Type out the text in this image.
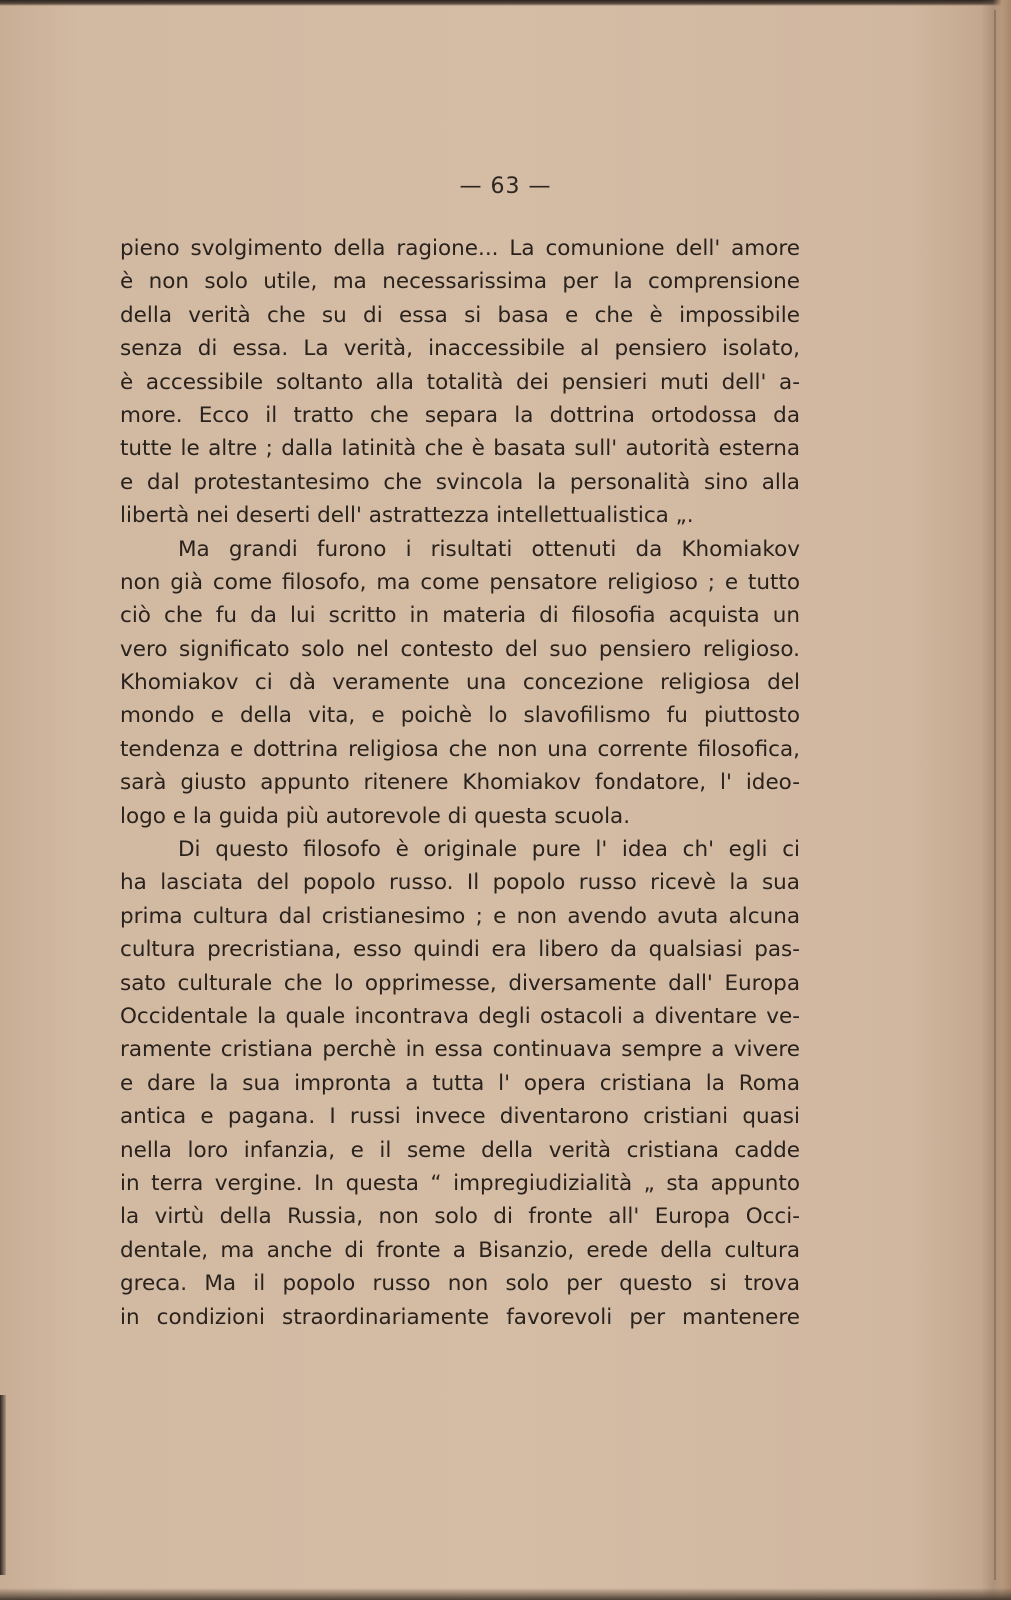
— 63 —
pieno svolgimento della ragione... La comunione dell' amore
è non solo utile, ma necessarissima per la comprensione
della verità che su di essa si basa e che è impossibile
senza di essa. La verità, inaccessibile al pensiero isolato,
è accessibile soltanto alla totalità dei pensieri muti dell' a-
more. Ecco il tratto che separa la dottrina ortodossa da
tutte le altre ; dalla latinità che è basata sull' autorità esterna
e dal protestantesimo che svincola la personalità sino alla
libertà nei deserti dell' astrattezza intellettualistica „.
Ma grandi furono i risultati ottenuti da Khomiakov
non già come filosofo, ma come pensatore religioso ; e tutto
ciò che fu da lui scritto in materia di filosofia acquista un
vero significato solo nel contesto del suo pensiero religioso.
Khomiakov ci dà veramente una concezione religiosa del
mondo e della vita, e poichè lo slavofilismo fu piuttosto
tendenza e dottrina religiosa che non una corrente filosofica,
sarà giusto appunto ritenere Khomiakov fondatore, l' ideo-
logo e la guida più autorevole di questa scuola.
Di questo filosofo è originale pure l' idea ch' egli ci
ha lasciata del popolo russo. Il popolo russo ricevè la sua
prima cultura dal cristianesimo ; e non avendo avuta alcuna
cultura precristiana, esso quindi era libero da qualsiasi pas-
sato culturale che lo opprimesse, diversamente dall' Europa
Occidentale la quale incontrava degli ostacoli a diventare ve-
ramente cristiana perchè in essa continuava sempre a vivere
e dare la sua impronta a tutta l' opera cristiana la Roma
antica e pagana. I russi invece diventarono cristiani quasi
nella loro infanzia, e il seme della verità cristiana cadde
in terra vergine. In questa “ impregiudizialità „ sta appunto
la virtù della Russia, non solo di fronte all' Europa Occi-
dentale, ma anche di fronte a Bisanzio, erede della cultura
greca. Ma il popolo russo non solo per questo si trova
in condizioni straordinariamente favorevoli per mantenere
